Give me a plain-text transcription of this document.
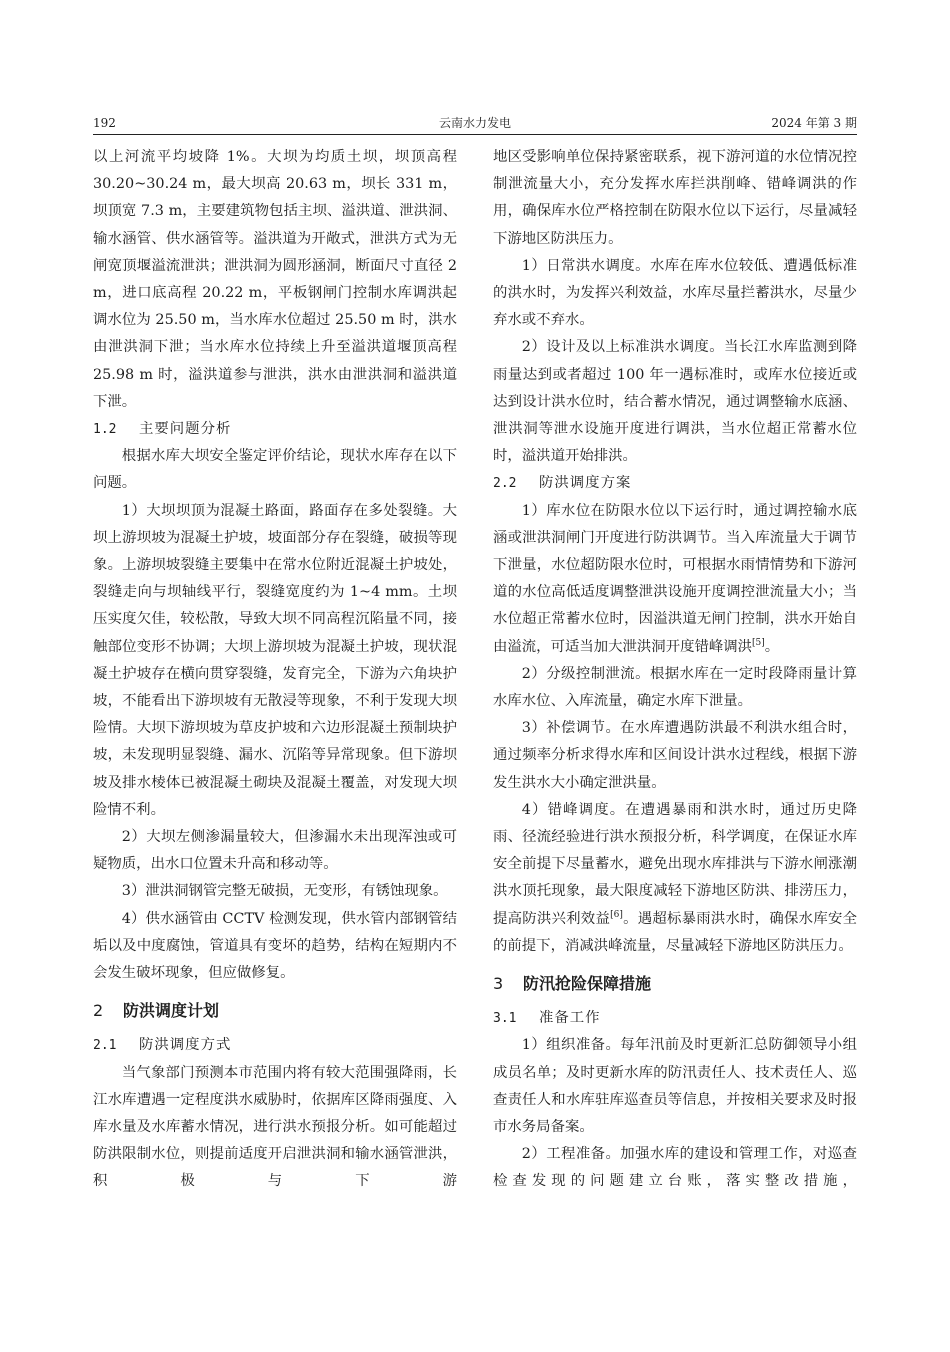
192	云南水力发电	2024 年第 3 期

以上河流平均坡降 1%。大坝为均质土坝，坝顶高程 30.20~30.24 m，最大坝高 20.63 m，坝长 331 m，坝顶宽 7.3 m，主要建筑物包括主坝、溢洪道、泄洪洞、输水涵管、供水涵管等。溢洪道为开敞式，泄洪方式为无闸宽顶堰溢流泄洪；泄洪洞为圆形涵洞，断面尺寸直径 2 m，进口底高程 20.22 m，平板钢闸门控制水库调洪起调水位为 25.50 m，当水库水位超过 25.50 m 时，洪水由泄洪洞下泄；当水库水位持续上升至溢洪道堰顶高程 25.98 m 时，溢洪道参与泄洪，洪水由泄洪洞和溢洪道下泄。

1.2 主要问题分析

根据水库大坝安全鉴定评价结论，现状水库存在以下问题。

1）大坝坝顶为混凝土路面，路面存在多处裂缝。大坝上游坝坡为混凝土护坡，坡面部分存在裂缝，破损等现象。上游坝坡裂缝主要集中在常水位附近混凝土护坡处，裂缝走向与坝轴线平行，裂缝宽度约为 1~4 mm。土坝压实度欠佳，较松散，导致大坝不同高程沉陷量不同，接触部位变形不协调；大坝上游坝坡为混凝土护坡，现状混凝土护坡存在横向贯穿裂缝，发育完全，下游为六角块护坡，不能看出下游坝坡有无散浸等现象，不利于发现大坝险情。大坝下游坝坡为草皮护坡和六边形混凝土预制块护坡，未发现明显裂缝、漏水、沉陷等异常现象。但下游坝坡及排水棱体已被混凝土砌块及混凝土覆盖，对发现大坝险情不利。

2）大坝左侧渗漏量较大，但渗漏水未出现浑浊或可疑物质，出水口位置未升高和移动等。

3）泄洪洞钢管完整无破损，无变形，有锈蚀现象。

4）供水涵管由 CCTV 检测发现，供水管内部钢管结垢以及中度腐蚀，管道具有变坏的趋势，结构在短期内不会发生破坏现象，但应做修复。

2 防洪调度计划
2.1 防洪调度方式

当气象部门预测本市范围内将有较大范围强降雨，长江水库遭遇一定程度洪水威胁时，依据库区降雨强度、入库水量及水库蓄水情况，进行洪水预报分析。如可能超过防洪限制水位，则提前适度开启泄洪洞和输水涵管泄洪，积极与下游

地区受影响单位保持紧密联系，视下游河道的水位情况控制泄流量大小，充分发挥水库拦洪削峰、错峰调洪的作用，确保库水位严格控制在防限水位以下运行，尽量减轻下游地区防洪压力。

1）日常洪水调度。水库在库水位较低、遭遇低标准的洪水时，为发挥兴利效益，水库尽量拦蓄洪水，尽量少弃水或不弃水。

2）设计及以上标准洪水调度。当长江水库监测到降雨量达到或者超过 100 年一遇标准时，或库水位接近或达到设计洪水位时，结合蓄水情况，通过调整输水底涵、泄洪洞等泄水设施开度进行调洪，当水位超正常蓄水位时，溢洪道开始排洪。

2.2 防洪调度方案

1）库水位在防限水位以下运行时，通过调控输水底涵或泄洪洞闸门开度进行防洪调节。当入库流量大于调节下泄量，水位超防限水位时，可根据水雨情情势和下游河道的水位高低适度调整泄洪设施开度调控泄流量大小；当水位超正常蓄水位时，因溢洪道无闸门控制，洪水开始自由溢流，可适当加大泄洪洞开度错峰调洪[5]。

2）分级控制泄流。根据水库在一定时段降雨量计算水库水位、入库流量，确定水库下泄量。

3）补偿调节。在水库遭遇防洪最不利洪水组合时，通过频率分析求得水库和区间设计洪水过程线，根据下游发生洪水大小确定泄洪量。

4）错峰调度。在遭遇暴雨和洪水时，通过历史降雨、径流经验进行洪水预报分析，科学调度，在保证水库安全前提下尽量蓄水，避免出现水库排洪与下游水闸涨潮洪水顶托现象，最大限度减轻下游地区防洪、排涝压力，提高防洪兴利效益[6]。遇超标暴雨洪水时，确保水库安全的前提下，消减洪峰流量，尽量减轻下游地区防洪压力。

3 防汛抢险保障措施
3.1 准备工作

1）组织准备。每年汛前及时更新汇总防御领导小组成员名单；及时更新水库的防汛责任人、技术责任人、巡查责任人和水库驻库巡查员等信息，并按相关要求及时报市水务局备案。

2）工程准备。加强水库的建设和管理工作，对巡查检查发现的问题建立台账，落实整改措施，
